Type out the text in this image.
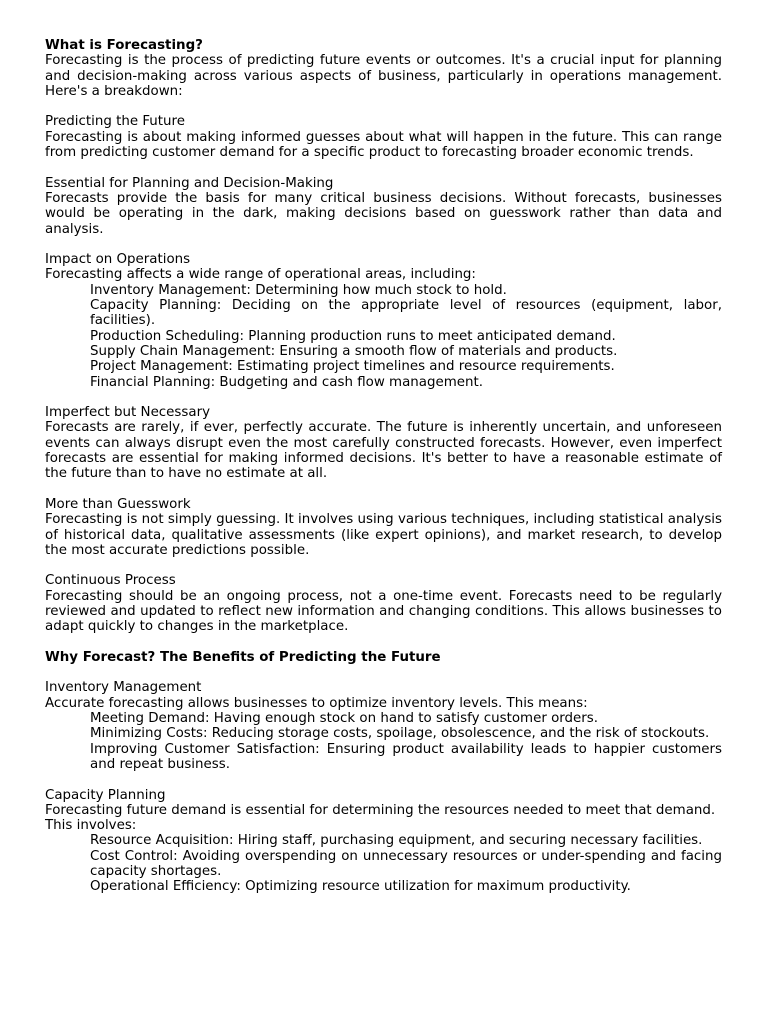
What is Forecasting?

Forecasting is the process of predicting future events or outcomes. It's a crucial input for planning and decision-making across various aspects of business, particularly in operations management. Here's a breakdown:

Predicting the Future

Forecasting is about making informed guesses about what will happen in the future. This can range from predicting customer demand for a specific product to forecasting broader economic trends.

Essential for Planning and Decision-Making

Forecasts provide the basis for many critical business decisions. Without forecasts, businesses would be operating in the dark, making decisions based on guesswork rather than data and analysis.

Impact on Operations

Forecasting affects a wide range of operational areas, including:

Inventory Management: Determining how much stock to hold.
Capacity Planning: Deciding on the appropriate level of resources (equipment, labor, facilities).
Production Scheduling: Planning production runs to meet anticipated demand.
Supply Chain Management: Ensuring a smooth flow of materials and products.
Project Management: Estimating project timelines and resource requirements.
Financial Planning: Budgeting and cash flow management.

Imperfect but Necessary

Forecasts are rarely, if ever, perfectly accurate. The future is inherently uncertain, and unforeseen events can always disrupt even the most carefully constructed forecasts. However, even imperfect forecasts are essential for making informed decisions. It's better to have a reasonable estimate of the future than to have no estimate at all.

More than Guesswork

Forecasting is not simply guessing. It involves using various techniques, including statistical analysis of historical data, qualitative assessments (like expert opinions), and market research, to develop the most accurate predictions possible.

Continuous Process

Forecasting should be an ongoing process, not a one-time event. Forecasts need to be regularly reviewed and updated to reflect new information and changing conditions. This allows businesses to adapt quickly to changes in the marketplace.

Why Forecast? The Benefits of Predicting the Future

Inventory Management

Accurate forecasting allows businesses to optimize inventory levels. This means:

Meeting Demand: Having enough stock on hand to satisfy customer orders.
Minimizing Costs: Reducing storage costs, spoilage, obsolescence, and the risk of stockouts.
Improving Customer Satisfaction: Ensuring product availability leads to happier customers and repeat business.

Capacity Planning

Forecasting future demand is essential for determining the resources needed to meet that demand.

This involves:

Resource Acquisition: Hiring staff, purchasing equipment, and securing necessary facilities.
Cost Control: Avoiding overspending on unnecessary resources or under-spending and facing capacity shortages.
Operational Efficiency: Optimizing resource utilization for maximum productivity.
